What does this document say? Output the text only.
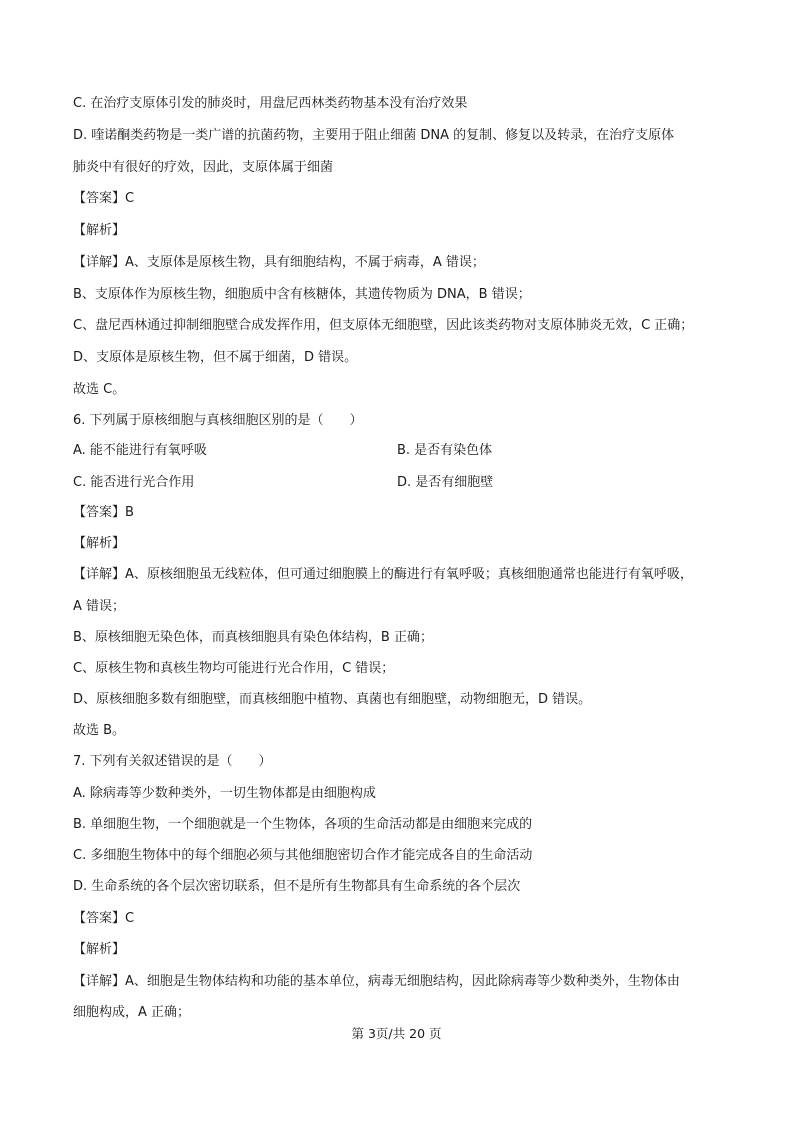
C. 在治疗支原体引发的肺炎时，用盘尼西林类药物基本没有治疗效果
D. 喹诺酮类药物是一类广谱的抗菌药物，主要用于阻止细菌 DNA 的复制、修复以及转录，在治疗支原体
肺炎中有很好的疗效，因此，支原体属于细菌
【答案】C
【解析】
【详解】A、支原体是原核生物，具有细胞结构，不属于病毒，A 错误；
B、支原体作为原核生物，细胞质中含有核糖体，其遗传物质为 DNA，B 错误；
C、盘尼西林通过抑制细胞壁合成发挥作用，但支原体无细胞壁，因此该类药物对支原体肺炎无效，C 正确；
D、支原体是原核生物，但不属于细菌，D 错误。
故选 C。
6. 下列属于原核细胞与真核细胞区别的是（　　）
A. 能不能进行有氧呼吸	B. 是否有染色体
C. 能否进行光合作用	D. 是否有细胞壁
【答案】B
【解析】
【详解】A、原核细胞虽无线粒体，但可通过细胞膜上的酶进行有氧呼吸；真核细胞通常也能进行有氧呼吸，
A 错误；
B、原核细胞无染色体，而真核细胞具有染色体结构，B 正确；
C、原核生物和真核生物均可能进行光合作用，C 错误；
D、原核细胞多数有细胞壁，而真核细胞中植物、真菌也有细胞壁，动物细胞无，D 错误。
故选 B。
7. 下列有关叙述错误的是（　　）
A. 除病毒等少数种类外，一切生物体都是由细胞构成
B. 单细胞生物，一个细胞就是一个生物体，各项的生命活动都是由细胞来完成的
C. 多细胞生物体中的每个细胞必须与其他细胞密切合作才能完成各自的生命活动
D. 生命系统的各个层次密切联系，但不是所有生物都具有生命系统的各个层次
【答案】C
【解析】
【详解】A、细胞是生物体结构和功能的基本单位，病毒无细胞结构，因此除病毒等少数种类外，生物体由
细胞构成，A 正确；
第 3页/共 20 页
